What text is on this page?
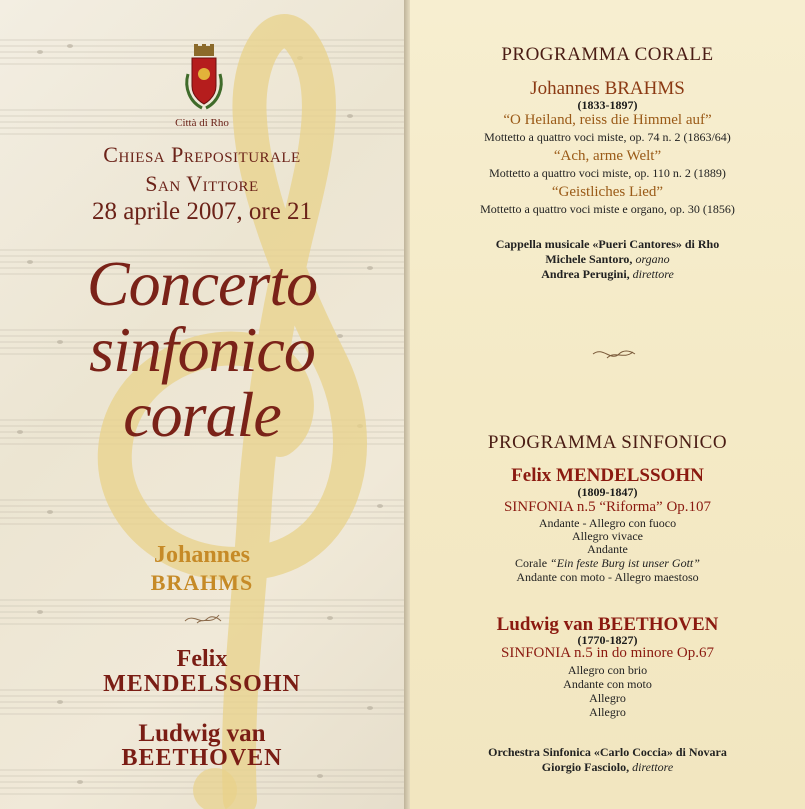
Città di Rho
Chiesa Prepositurale
San Vittore
28 aprile 2007, ore 21
Concerto
sinfonico
corale
Johannes
BRAHMS
Felix
MENDELSSOHN
Ludwig van
BEETHOVEN
PROGRAMMA CORALE
Johannes BRAHMS
(1833-1897)
“O Heiland, reiss die Himmel auf”
Mottetto a quattro voci miste, op. 74 n. 2 (1863/64)
“Ach, arme Welt”
Mottetto a quattro voci miste, op. 110 n. 2 (1889)
“Geistliches Lied”
Mottetto a quattro voci miste e organo, op. 30 (1856)
Cappella musicale «Pueri Cantores» di Rho
Michele Santoro, organo
Andrea Perugini, direttore
PROGRAMMA SINFONICO
Felix MENDELSSOHN
(1809-1847)
SINFONIA n.5 “Riforma” Op.107
Andante - Allegro con fuoco
Allegro vivace
Andante
Corale “Ein feste Burg ist unser Gott”
Andante con moto - Allegro maestoso
Ludwig van BEETHOVEN
(1770-1827)
SINFONIA n.5 in do minore Op.67
Allegro con brio
Andante con moto
Allegro
Allegro
Orchestra Sinfonica «Carlo Coccia» di Novara
Giorgio Fasciolo, direttore
